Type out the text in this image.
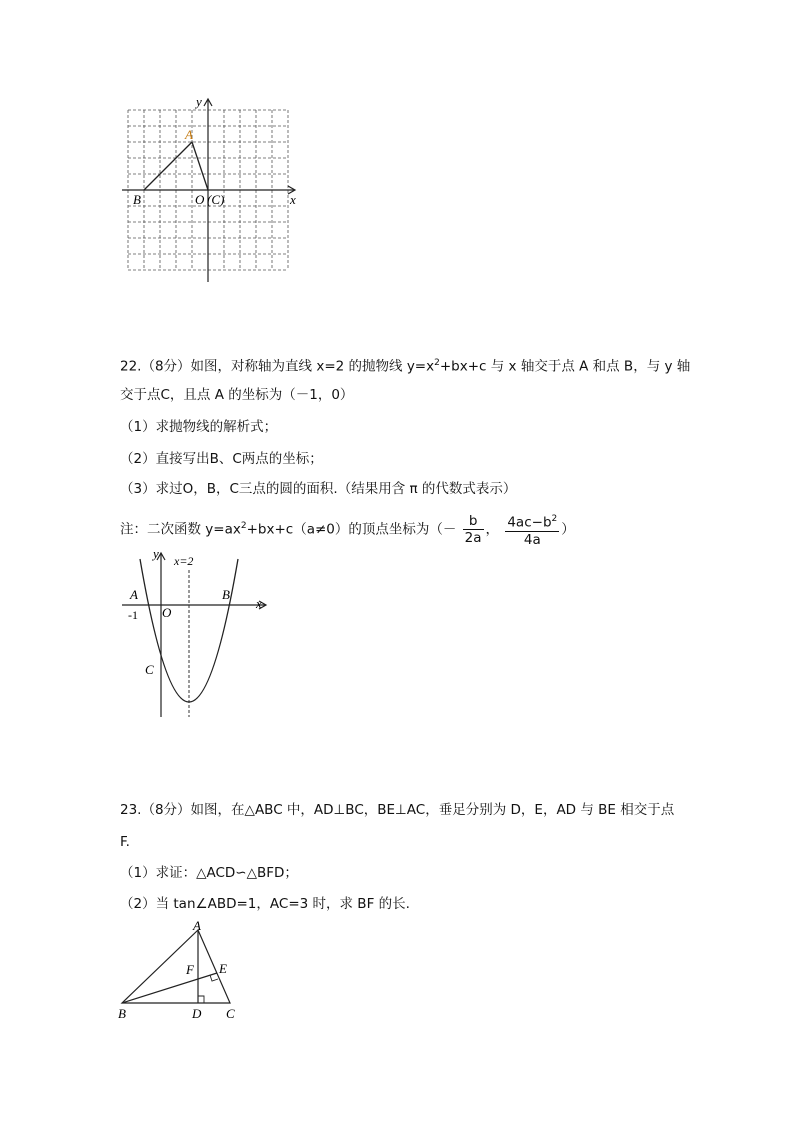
y
x
A
B	O (C)
22.（8分）如图，对称轴为直线 x=2 的抛物线 $y=x^2+bx+c$ 与 x 轴交于点 A 和点 B，与 y 轴
交于点C，且点 A 的坐标为（－1，0）
（1）求抛物线的解析式；
（2）直接写出B、C两点的坐标；
（3）求过O，B，C三点的圆的面积.（结果用含 π 的代数式表示）
注：二次函数 $y=ax^2+bx+c(a\ne 0)$的顶点坐标为（－ $\frac{b}{2a}$ ， $\frac{4ac-b^2}{4a}$ ）
y x=2
x
A
-1 O
B
C
23.（8分）如图，在△ABC 中，AD⊥BC，BE⊥AC，垂足分别为 D，E，AD 与 BE 相交于点
F.
（1）求证：△ACD∽△BFD；
（2）当 tan∠ABD=1，AC=3 时，求 BF 的长.
A
B	D C
F E
